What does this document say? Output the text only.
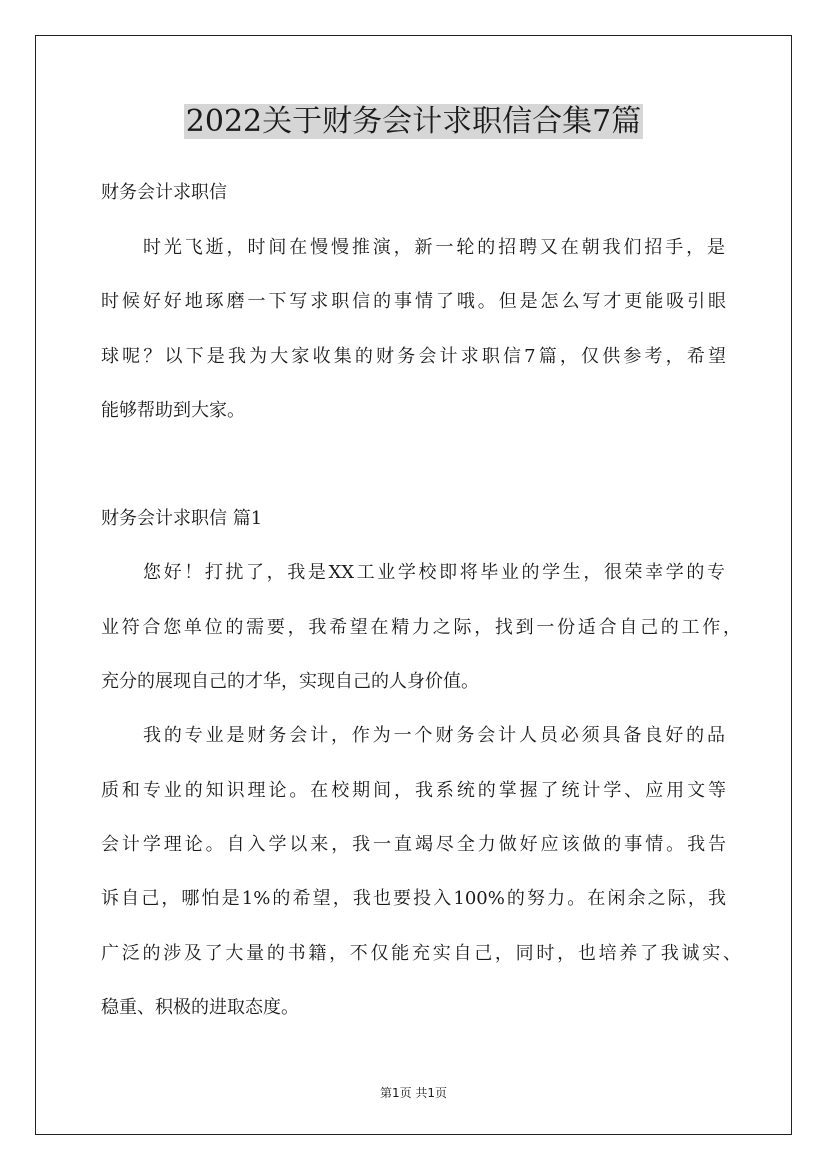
2022关于财务会计求职信合集7篇
财务会计求职信
时光飞逝，时间在慢慢推演，新一轮的招聘又在朝我们招手，是
时候好好地琢磨一下写求职信的事情了哦。但是怎么写才更能吸引眼
球呢？以下是我为大家收集的财务会计求职信7篇，仅供参考，希望
能够帮助到大家。
财务会计求职信 篇1
您好！打扰了，我是XX工业学校即将毕业的学生，很荣幸学的专
业符合您单位的需要，我希望在精力之际，找到一份适合自己的工作，
充分的展现自己的才华，实现自己的人身价值。
我的专业是财务会计，作为一个财务会计人员必须具备良好的品
质和专业的知识理论。在校期间，我系统的掌握了统计学、应用文等
会计学理论。自入学以来，我一直竭尽全力做好应该做的事情。我告
诉自己，哪怕是1%的希望，我也要投入100%的努力。在闲余之际，我
广泛的涉及了大量的书籍，不仅能充实自己，同时，也培养了我诚实、
稳重、积极的进取态度。
第1页 共1页
